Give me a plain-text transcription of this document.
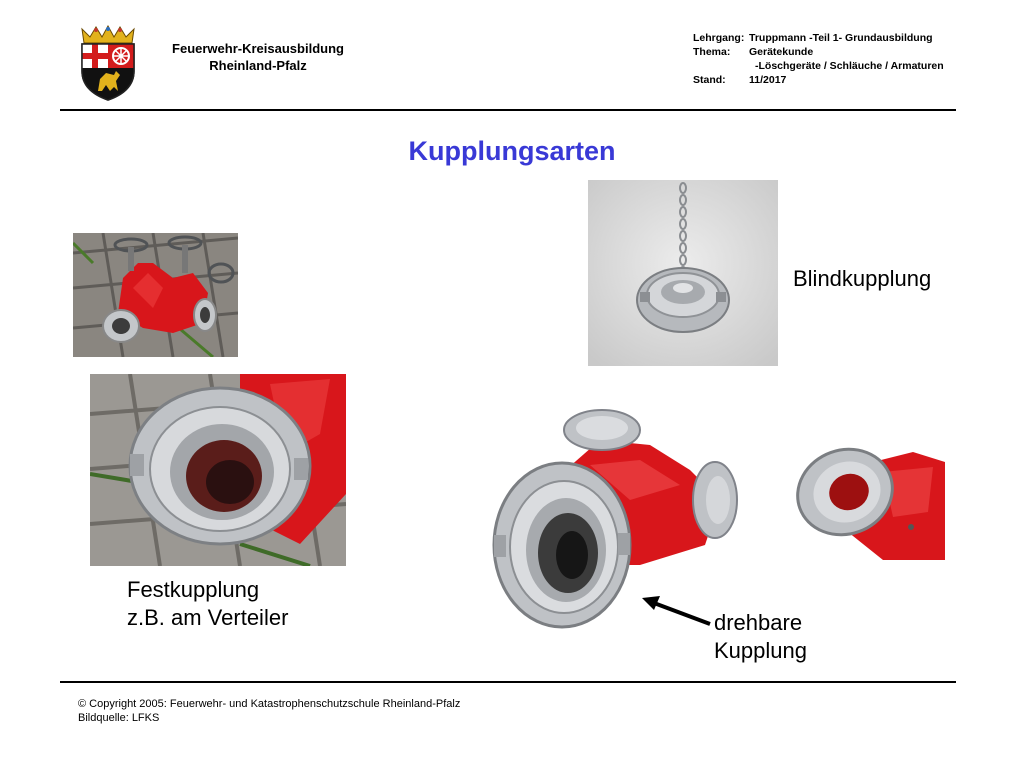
Feuerwehr-Kreisausbildung
Rheinland-Pfalz
Lehrgang: Truppmann -Teil 1- Grundausbildung
Thema:	Gerätekunde
-Löschgeräte / Schläuche / Armaturen
Stand:	11/2017
Kupplungsarten
Blindkupplung
Festkupplung
z.B. am Verteiler	drehbare
Kupplung
© Copyright 2005: Feuerwehr- und Katastrophenschutzschule Rheinland-Pfalz
Bildquelle: LFKS
